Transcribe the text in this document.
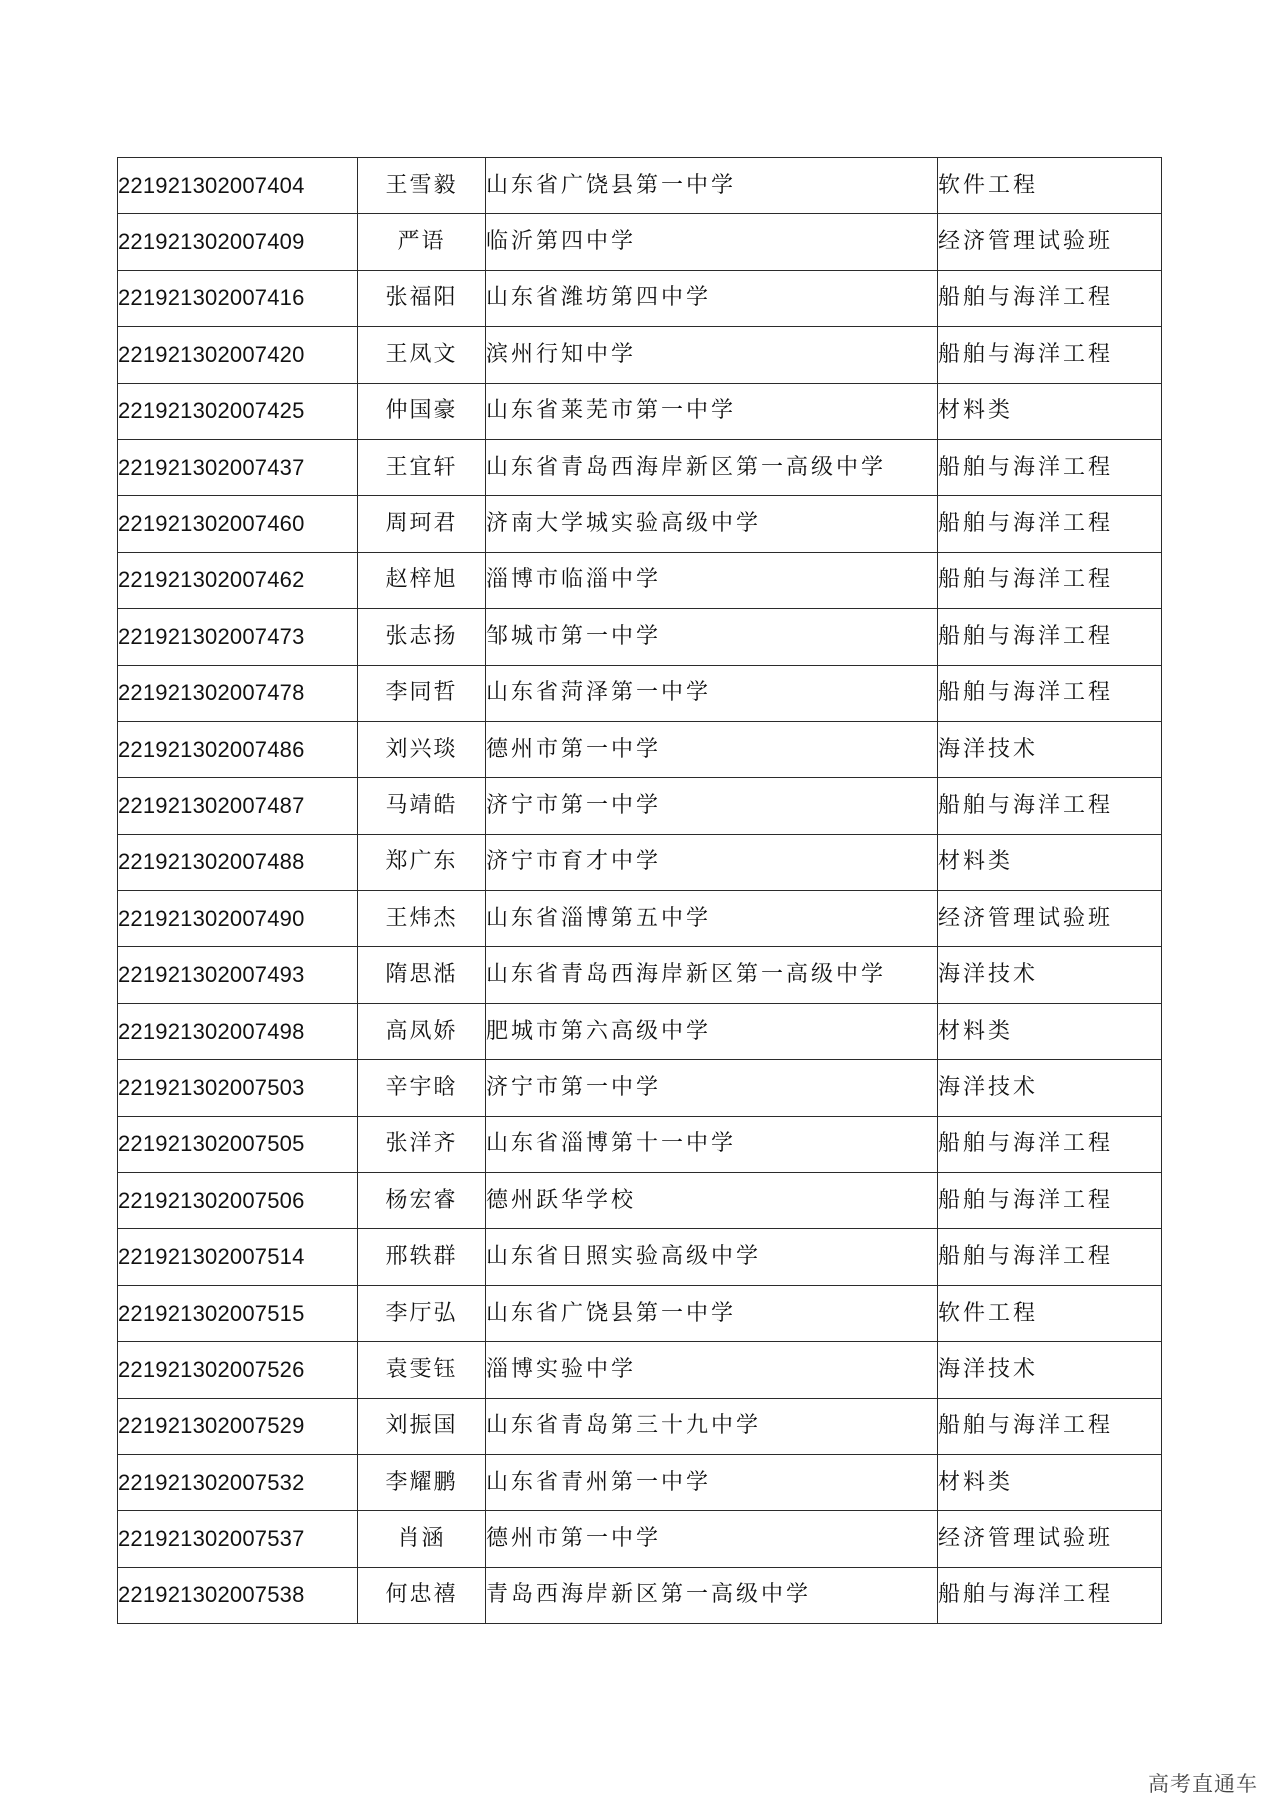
221921302007404	王雪毅	山东省广饶县第一中学	软件工程
221921302007409	严语	临沂第四中学	经济管理试验班
221921302007416	张福阳	山东省潍坊第四中学	船舶与海洋工程
221921302007420	王凤文	滨州行知中学	船舶与海洋工程
221921302007425	仲国豪	山东省莱芜市第一中学	材料类
221921302007437	王宜轩	山东省青岛西海岸新区第一高级中学	船舶与海洋工程
221921302007460	周珂君	济南大学城实验高级中学	船舶与海洋工程
221921302007462	赵梓旭	淄博市临淄中学	船舶与海洋工程
221921302007473	张志扬	邹城市第一中学	船舶与海洋工程
221921302007478	李同哲	山东省菏泽第一中学	船舶与海洋工程
221921302007486	刘兴琰	德州市第一中学	海洋技术
221921302007487	马靖皓	济宁市第一中学	船舶与海洋工程
221921302007488	郑广东	济宁市育才中学	材料类
221921302007490	王炜杰	山东省淄博第五中学	经济管理试验班
221921302007493	隋思湉	山东省青岛西海岸新区第一高级中学	海洋技术
221921302007498	高凤娇	肥城市第六高级中学	材料类
221921302007503	辛宇晗	济宁市第一中学	海洋技术
221921302007505	张洋齐	山东省淄博第十一中学	船舶与海洋工程
221921302007506	杨宏睿	德州跃华学校	船舶与海洋工程
221921302007514	邢轶群	山东省日照实验高级中学	船舶与海洋工程
221921302007515	李厅弘	山东省广饶县第一中学	软件工程
221921302007526	袁雯钰	淄博实验中学	海洋技术
221921302007529	刘振国	山东省青岛第三十九中学	船舶与海洋工程
221921302007532	李耀鹏	山东省青州第一中学	材料类
221921302007537	肖涵	德州市第一中学	经济管理试验班
221921302007538	何忠禧	青岛西海岸新区第一高级中学	船舶与海洋工程
高考直通车
